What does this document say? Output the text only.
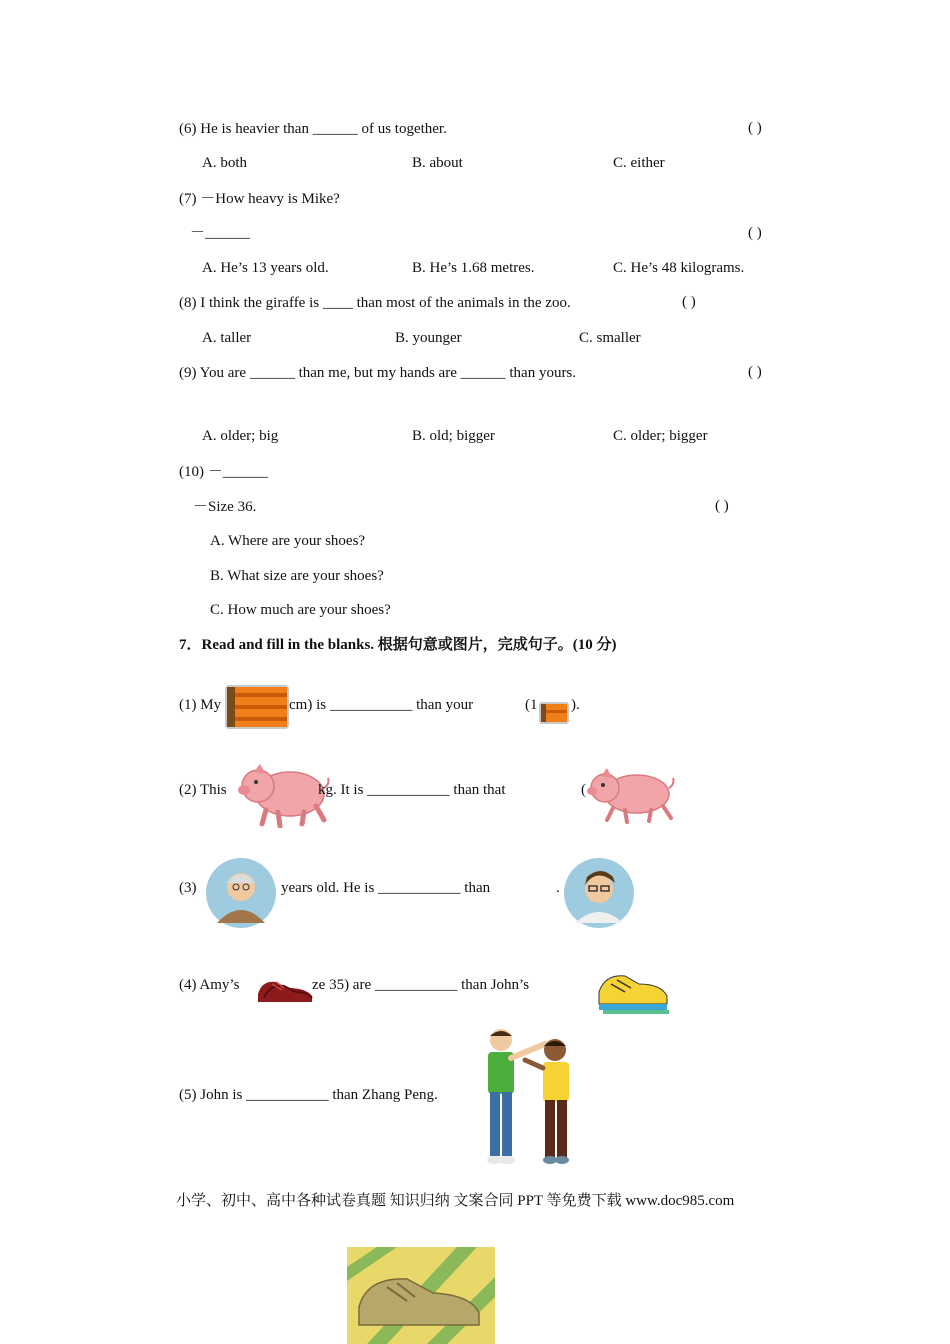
(6) He is heavier than ______ of us together.	( )
A. both	B. about	C. either
(7) －How heavy is Mike?
－______	( )
A. He’s 13 years old.	B. He’s 1.68 metres.	C. He’s 48 kilograms.
(8) I think the giraffe is ____ than most of the animals in the zoo.	( )
A. taller	B. younger	C. smaller
(9) You are ______ than me, but my hands are ______ than yours.	( )
A. older; big	B. old; bigger	C. older; bigger
(10) －______
－Size 36.	( )
A. Where are your shoes?
B. What size are your shoes?
C. How much are your shoes?
7．Read and fill in the blanks. 根据句意或图片，完成句子。(10 分)
(1) My	cm) is ___________ than your	(1 ).
(2) This	kg. It is ___________ than that	(
(3)	years old. He is ___________ than	.
(4) Amy’s	ze 35) are ___________ than John’s
(5) John is ___________ than Zhang Peng.
小学、初中、高中各种试卷真题 知识归纳 文案合同 PPT 等免费下载 www.doc985.com
